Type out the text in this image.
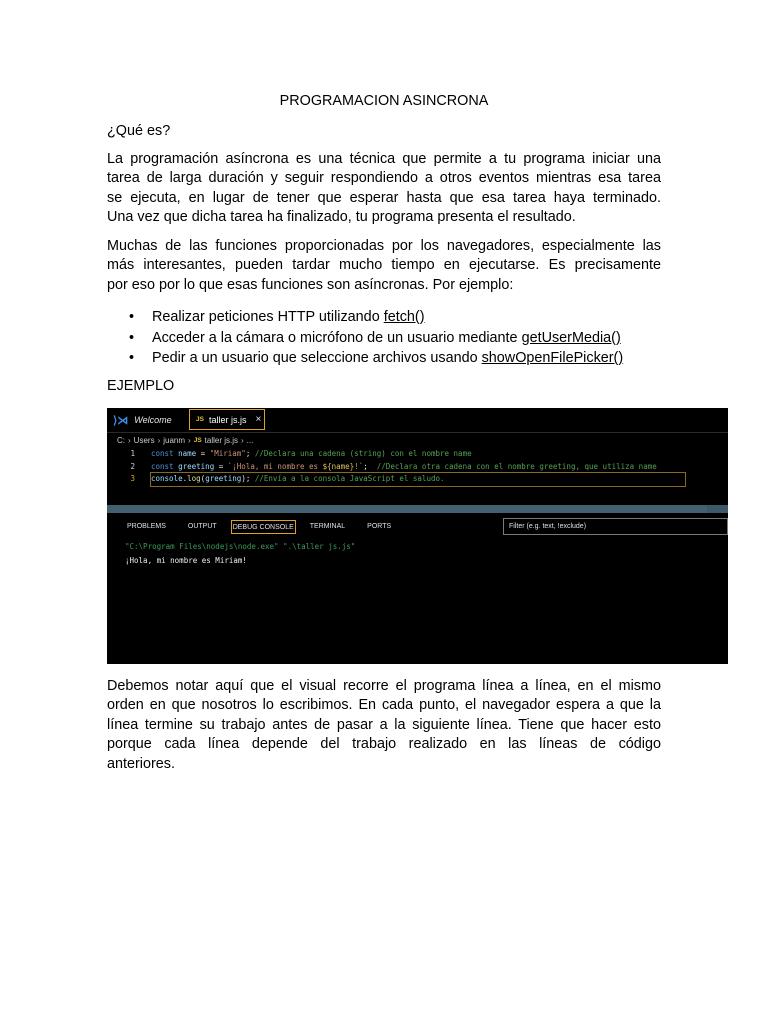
PROGRAMACION ASINCRONA
¿Qué es?
La programación asíncrona es una técnica que permite a tu programa iniciar una
tarea de larga duración y seguir respondiendo a otros eventos mientras esa tarea
se ejecuta, en lugar de tener que esperar hasta que esa tarea haya terminado.
Una vez que dicha tarea ha finalizado, tu programa presenta el resultado.
Muchas de las funciones proporcionadas por los navegadores, especialmente las
más interesantes, pueden tardar mucho tiempo en ejecutarse. Es precisamente
por eso por lo que esas funciones son asíncronas. Por ejemplo:
• Realizar peticiones HTTP utilizando fetch()
• Acceder a la cámara o micrófono de un usuario mediante getUserMedia()
• Pedir a un usuario que seleccione archivos usando showOpenFilePicker()
EJEMPLO
Debemos notar aquí que el visual recorre el programa línea a línea, en el mismo
orden en que nosotros lo escribimos. En cada punto, el navegador espera a que la
línea termine su trabajo antes de pasar a la siguiente línea. Tiene que hacer esto
porque cada línea depende del trabajo realizado en las líneas de código
anteriores.
⟩⋊ Welcome	JS taller js.js ×
C: › Users › juanm › JS taller js.js › ...
1 const name = "Miriam"; //Declara una cadena (string) con el nombre name
2 const greeting = `¡Hola, mi nombre es ${name}!`;  //Declara otra cadena con el nombre greeting, que utiliza name
3 console.log(greeting); //Envía a la consola JavaScript el saludo.
PROBLEMS	OUTPUT	DEBUG CONSOLE	TERMINAL	PORTS	Filter (e.g. text, !exclude)
"C:\Program Files\nodejs\node.exe" ".\taller js.js"
¡Hola, mi nombre es Miriam!
